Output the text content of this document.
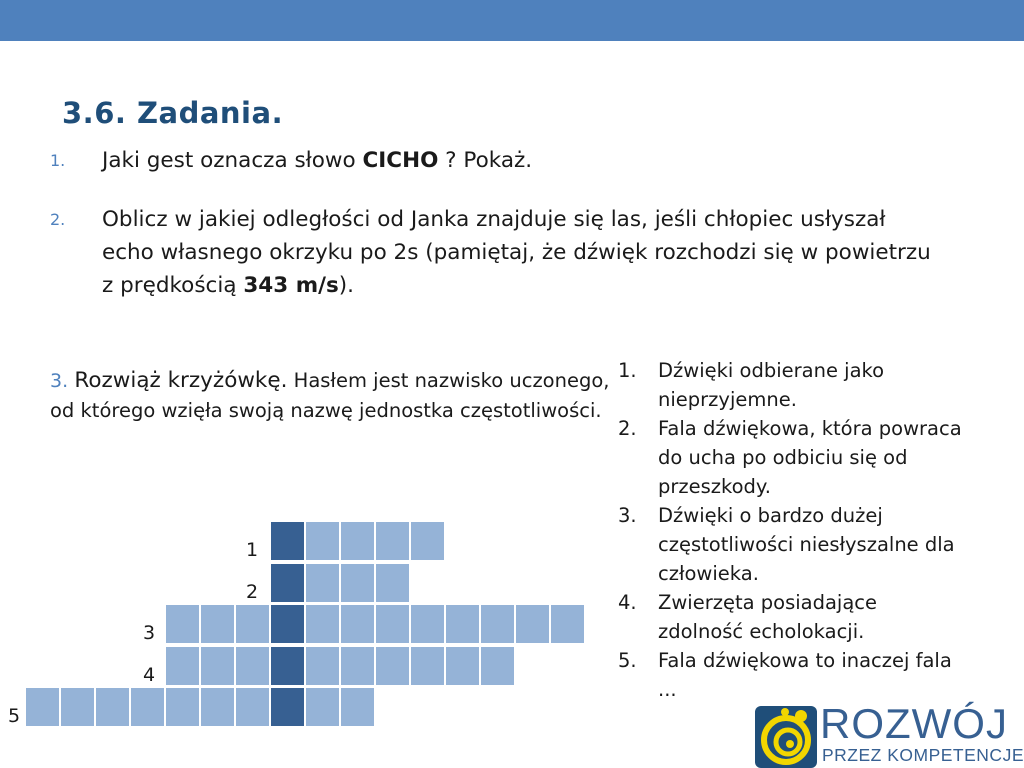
3.6. Zadania.
1. Jaki gest oznacza słowo CICHO ? Pokaż.
2. Oblicz w jakiej odległości od Janka znajduje się las, jeśli chłopiec usłyszał echo własnego okrzyku po 2s (pamiętaj, że dźwięk rozchodzi się w powietrzu z prędkością 343 m/s).
3. Rozwiąż krzyżówkę. Hasłem jest nazwisko uczonego, od którego wzięła swoją nazwę jednostka częstotliwości.
1. Dźwięki odbierane jako nieprzyjemne.
2. Fala dźwiękowa, która powraca do ucha po odbiciu się od przeszkody.
3. Dźwięki o bardzo dużej częstotliwości niesłyszalne dla człowieka.
4. Zwierzęta posiadające zdolność echolokacji.
5. Fala dźwiękowa to inaczej fala ...
1
2
3
4
5	ROZWÓJ
PRZEZ KOMPETENCJE
